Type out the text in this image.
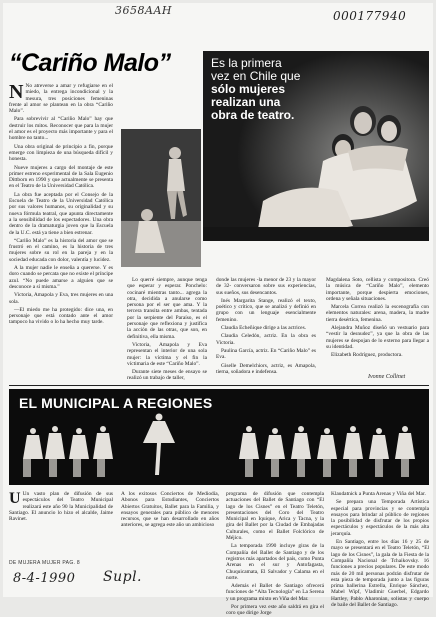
3658AAH	000177940
“Cariño Malo”	Es la primera
vez en Chile que
sólo mujeres
realizan una
obra de teatro.

N No atreverse a amar y refugiarse en el miedo, la entrega incondicional y la mesura, tres posiciones femeninas frente al amor se plantean en la obra “Cariño Malo”.

Para sobrevivir al “Cariño Malo” hay que destruir los mitos. Reconocer que para la mujer el amor es el proyecto más importante y para el hombre no tanto...

Una obra original de principio a fin, porque emerge con limpieza de una búsqueda difícil y honesta.

Nueve mujeres a cargo del montaje de este primer estreno experimental de la Sala Eugenio Dittborn en 1990 y que actualmente se presenta en el Teatro de la Universidad Católica.

La obra fue aceptada por el Consejo de la Escuela de Teatro de la Universidad Católica por sus valores humanos, su originalidad y su nueva fórmula teatral, que apunta directamente a la sensibilidad de los espectadores. Una obra dentro de la dramaturgia joven que la Escuela de la U.C. está ya tiene a bien estrenar.

“Cariño Malo” es la historia del amor que se frustró en el camino, es la historia de tres mujeres sobre su rol en la pareja y en la sociedad educada con dolor, valentía y lucidez.

A la mujer nadie le enseña a quererse. Y es doro cuando se percata que no existe el príncipe azul. “No puede amarse a alguien que se desconoce a sí misma.”

Victoria, Amapola y Eva, tres mujeres en una sola.

—El miedo me ha protegido: dice una, en personaje que está contado ante el amor tampoco ha vivido o lo ha hecho muy tarde.

Lo querré siempre, aunque tenga que esperar y esperar. Ponchelo: cocinaré mientras tanto... agrega la otra, decidida a anularse como persona por el ser que ama. Y la tercera transita entre ambas, tentada por la serpiente del Paraíso, es el personaje que reflexiona y justifica la acción de las otras, que son, en definitiva, ella misma.

Victoria, Amapola y Eva representan el interior de una sola mujer: la víctima y el fin la víctimaria de este “Cariño Malo”.

Durante siete meses de ensayo se realizó un trabajo de taller,

donde las mujeres -la menor de 23 y la mayor de 32- conversaron sobre sus experiencias, sus sueños, sus desencantos.

Inés Margarita Stange, realizó el texto, poético y crítico, que se analizó y definió en grupo con un lenguaje esencialmente femenino.

Claudia Echeñique dirige a las actrices.

Claudia Celedón, actriz. En la obra es Victoria.

Paulina García, actriz. En “Cariño Malo” es Eva.

Giselle Demelchiors, actriz, es Amapola, tierna, soñadora e indefensa.

Magdalena Soto, cellista y compositora. Creó la música de “Cariño Malo”, elemento importante, porque despierta emociones, ordena y señala situaciones.

Marcela Correa realizó la escenografía con elementos naturales: arena, madera, la madre tierra desértica, femenina.

Alejandra Muñoz diseñó un vestuario para “vestir la desnudez”, ya que la obra de las mujeres se despojan de lo externo para llegar a su identidad.

Elizabeth Rodríguez, productora.

Ivonne Collinet
EL MUNICIPAL A REGIONES

U Un vasto plan de difusión de sus espectáculos del Teatro Municipal realizará este año 90 la Municipalidad de Santiago. El anuncio lo hizo el alcalde, Jaime Ravinet.

A los exitosos Conciertos de Mediodía, Abonos para Estudiantes, Conciertos Abiertos Gratuitos, Ballet para la Familia, y ensayos generales para público de menores recursos, que se han desarrollado en años anteriores, se agrega este año un ambicioso

programa de difusión que contempla actuaciones del Ballet de Santiago con “El lago de los Cisnes” en el Teatro Teletón, presentaciones del Coro del Teatro Municipal en Iquique, Arica y Tacna, y la gira del Ballet por la Ciudad de Embajadas Culturales, como el Ballet Folclórico de Méjico.

La temporada 1990 incluye giras de la Compañía del Ballet de Santiago y de los registros más apartados del país, como Punta Arenas en el sur y Antofagasta, Chuquicamata, El Salvador y Calama en el norte.

Además el Ballet de Santiago ofrecerá funciones de “Alta Tecnología” en La Serena y un programa mixto en Viña del Mar.

Por primera vez este año saldrá en gira el coro que dirige Jorge

Klaudatnick a Punta Arenas y Viña del Mar.

Se prepara una Temporada Artística especial para provincias y se contempla ensayos para brindar al público de regiones la posibilidad de disfrutar de los propios espectáculos y espectáculos de la más alta jerarquía.

En Santiago, entre los días 16 y 25 de mayo se presentará en el Teatro Teletón, “El lago de los Cisnes”, la gala de la Fiesta de la Compañía Nacional de Tchaikovsky. 16 funciones a precios populares. De este modo más de 20 mil personas podrán disfrutar de esta pieza de temporada junto a las figuras prima ballerina Estrella, Enrique Sánchez, Mabel Wipf, Vladimir Guerbel, Edgardo Hartley, Pablo Aharonian, solistas y cuerpo de baile del Ballet de Santiago.

DE MUJERA MUJER PAG. 8
8-4-1990 Supl.
